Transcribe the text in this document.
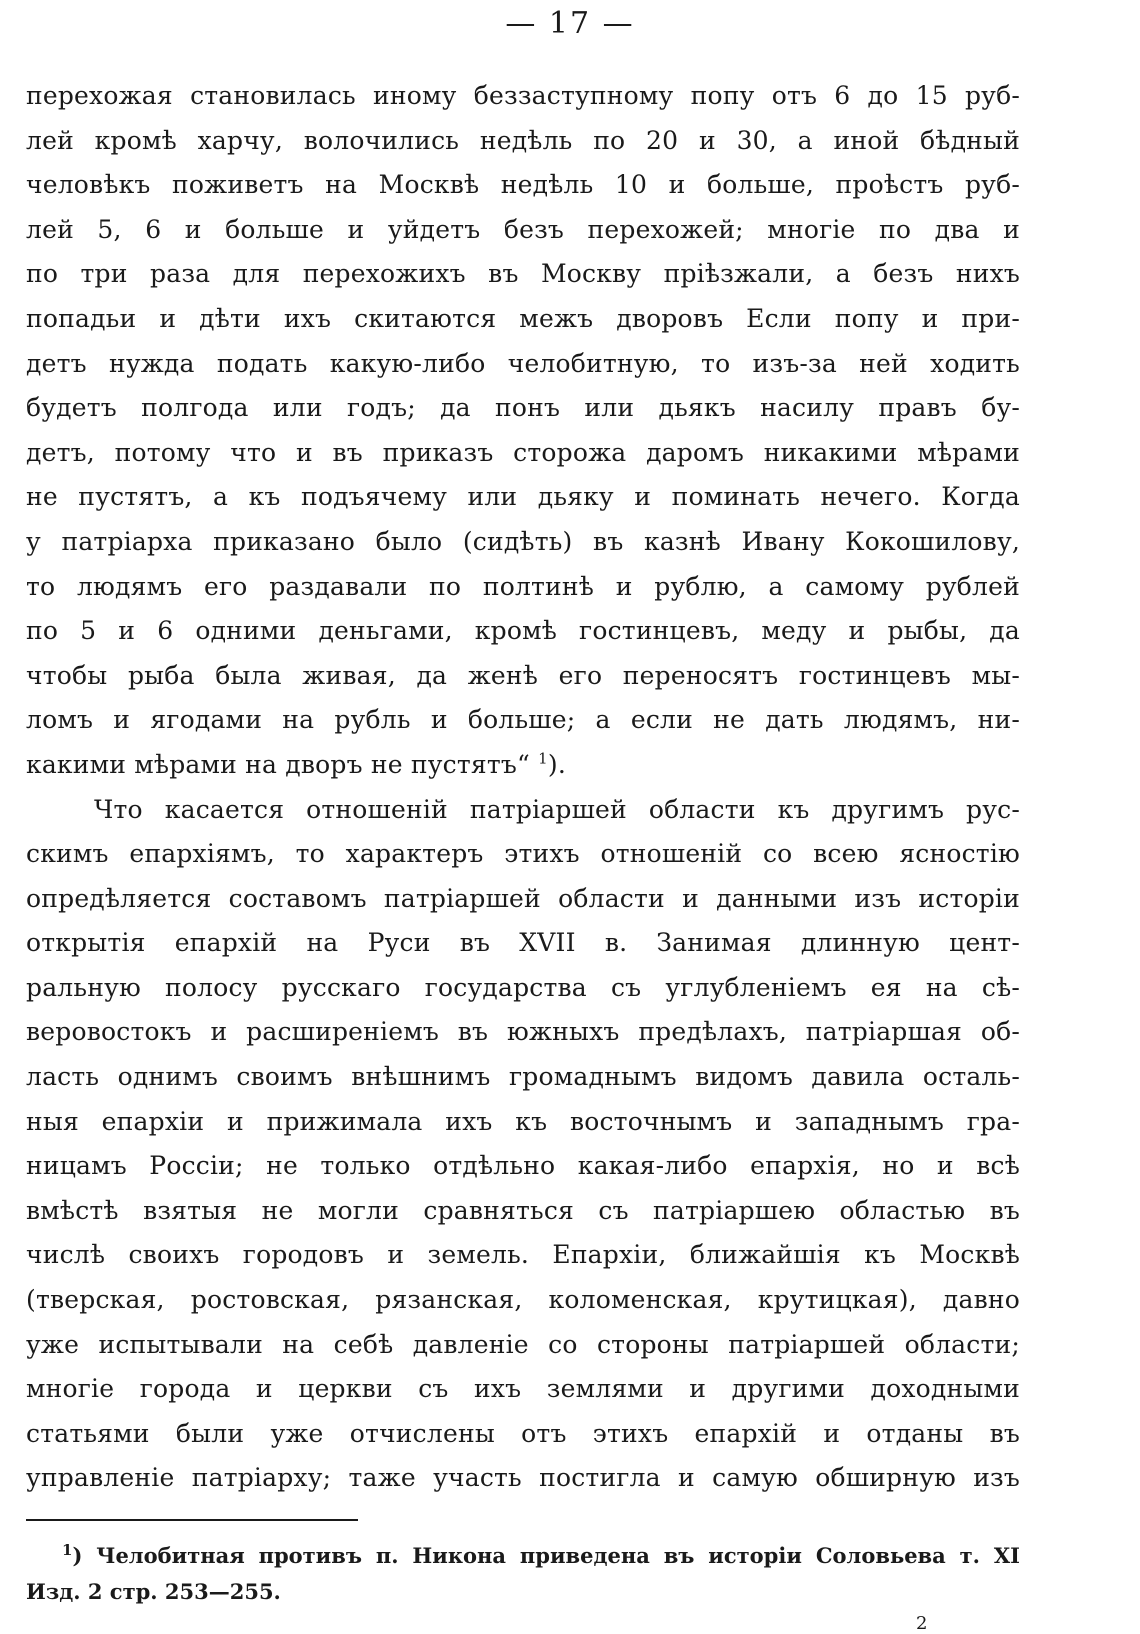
— 17 —
перехожая становилась иному беззаступному попу отъ 6 до 15 руб-
лей кромѣ харчу, волочились недѣль по 20 и 30, а иной бѣдный
человѣкъ поживетъ на Москвѣ недѣль 10 и больше, проѣстъ руб-
лей 5, 6 и больше и уйдетъ безъ перехожей; многіе по два и
по три раза для перехожихъ въ Москву пріѣзжали, а безъ нихъ
попадьи и дѣти ихъ скитаются межъ дворовъ Если попу и при-
детъ нужда подать какую-либо челобитную, то изъ-за ней ходить
будетъ полгода или годъ; да понъ или дьякъ насилу правъ бу-
детъ, потому что и въ приказъ сторожа даромъ никакими мѣрами
не пустятъ, а къ подъячему или дьяку и поминать нечего. Когда
у патріарха приказано было (сидѣть) въ казнѣ Ивану Кокошилову,
то людямъ его раздавали по полтинѣ и рублю, а самому рублей
по 5 и 6 одними деньгами, кромѣ гостинцевъ, меду и рыбы, да
чтобы рыба была живая, да женѣ его переносятъ гостинцевъ мы-
ломъ и ягодами на рубль и больше; а если не дать людямъ, ни-
какими мѣрами на дворъ не пустятъ“ $^1$).
Что касается отношеній патріаршей области къ другимъ рус-
скимъ епархіямъ, то характеръ этихъ отношеній со всею ясностію
опредѣляется составомъ патріаршей области и данными изъ исторіи
открытія епархій на Руси въ XVII в. Занимая длинную цент-
ральную полосу русскаго государства съ углубленіемъ ея на сѣ-
веровостокъ и расширеніемъ въ южныхъ предѣлахъ, патріаршая об-
ласть однимъ своимъ внѣшнимъ громаднымъ видомъ давила осталь-
ныя епархіи и прижимала ихъ къ восточнымъ и западнымъ гра-
ницамъ Россіи; не только отдѣльно какая-либо епархія, но и всѣ
вмѣстѣ взятыя не могли сравняться съ патріаршею областью въ
числѣ своихъ городовъ и земель. Епархіи, ближайшія къ Москвѣ
(тверская, ростовская, рязанская, коломенская, крутицкая), давно
уже испытывали на себѣ давленіе со стороны патріаршей области;
многіе города и церкви съ ихъ землями и другими доходными
статьями были уже отчислены отъ этихъ епархій и отданы въ
управленіе патріарху; таже участь постигла и самую обширную изъ
$^1$) Челобитная противъ п. Никона приведена въ исторіи Соловьева т. XI
Изд. 2 стр. 253—255.
2
